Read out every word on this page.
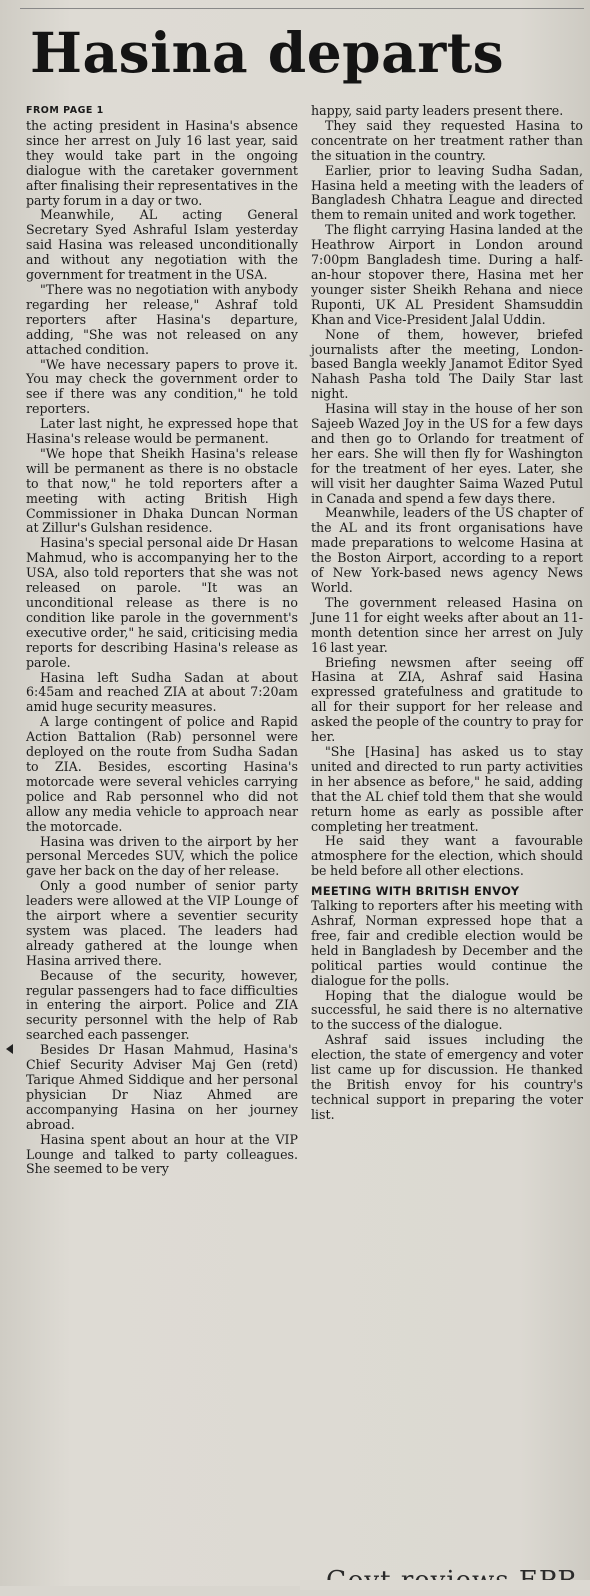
Hasina departs
FROM PAGE 1

the acting president in Hasina's absence since her arrest on July 16 last year, said they would take part in the ongoing dialogue with the caretaker government after finalising their representatives in the party forum in a day or two.

Meanwhile, AL acting General Secretary Syed Ashraful Islam yesterday said Hasina was released unconditionally and without any negotiation with the government for treatment in the USA.

"There was no negotiation with anybody regarding her release," Ashraf told reporters after Hasina's departure, adding, "She was not released on any attached condition.

"We have necessary papers to prove it. You may check the government order to see if there was any condition," he told reporters.

Later last night, he expressed hope that Hasina's release would be permanent.

"We hope that Sheikh Hasina's release will be permanent as there is no obstacle to that now," he told reporters after a meeting with acting British High Commissioner in Dhaka Duncan Norman at Zillur's Gulshan residence.

Hasina's special personal aide Dr Hasan Mahmud, who is accompanying her to the USA, also told reporters that she was not released on parole. "It was an unconditional release as there is no condition like parole in the government's executive order," he said, criticising media reports for describing Hasina's release as parole.

Hasina left Sudha Sadan at about 6:45am and reached ZIA at about 7:20am amid huge security measures.

A large contingent of police and Rapid Action Battalion (Rab) personnel were deployed on the route from Sudha Sadan to ZIA. Besides, escorting Hasina's motorcade were several vehicles carrying police and Rab personnel who did not allow any media vehicle to approach near the motorcade.

Hasina was driven to the airport by her personal Mercedes SUV, which the police gave her back on the day of her release.

Only a good number of senior party leaders were allowed at the VIP Lounge of the airport where a seventier security system was placed. The leaders had already gathered at the lounge when Hasina arrived there.

Because of the security, however, regular passengers had to face difficulties in entering the airport. Police and ZIA security personnel with the help of Rab searched each passenger.

Besides Dr Hasan Mahmud, Hasina's Chief Security Adviser Maj Gen (retd) Tarique Ahmed Siddique and her personal physician Dr Niaz Ahmed are accompanying Hasina on her journey abroad.

Hasina spent about an hour at the VIP Lounge and talked to party colleagues. She seemed to be very

happy, said party leaders present there.

They said they requested Hasina to concentrate on her treatment rather than the situation in the country.

Earlier, prior to leaving Sudha Sadan, Hasina held a meeting with the leaders of Bangladesh Chhatra League and directed them to remain united and work together.

The flight carrying Hasina landed at the Heathrow Airport in London around 7:00pm Bangladesh time. During a half-an-hour stopover there, Hasina met her younger sister Sheikh Rehana and niece Ruponti, UK AL President Shamsuddin Khan and Vice-President Jalal Uddin.

None of them, however, briefed journalists after the meeting, London-based Bangla weekly Janamot Editor Syed Nahash Pasha told The Daily Star last night.

Hasina will stay in the house of her son Sajeeb Wazed Joy in the US for a few days and then go to Orlando for treatment of her ears. She will then fly for Washington for the treatment of her eyes. Later, she will visit her daughter Saima Wazed Putul in Canada and spend a few days there.

Meanwhile, leaders of the US chapter of the AL and its front organisations have made preparations to welcome Hasina at the Boston Airport, according to a report of New York-based news agency News World.

The government released Hasina on June 11 for eight weeks after about an 11-month detention since her arrest on July 16 last year.

Briefing newsmen after seeing off Hasina at ZIA, Ashraf said Hasina expressed gratefulness and gratitude to all for their support for her release and asked the people of the country to pray for her.

"She [Hasina] has asked us to stay united and directed to run party activities in her absence as before," he said, adding that the AL chief told them that she would return home as early as possible after completing her treatment.

He said they want a favourable atmosphere for the election, which should be held before all other elections.

MEETING WITH BRITISH ENVOY

Talking to reporters after his meeting with Ashraf, Norman expressed hope that a free, fair and credible election would be held in Bangladesh by December and the political parties would continue the dialogue for the polls.

Hoping that the dialogue would be successful, he said there is no alternative to the success of the dialogue.

Ashraf said issues including the election, the state of emergency and voter list came up for discussion. He thanked the British envoy for his country's technical support in preparing the voter list.
